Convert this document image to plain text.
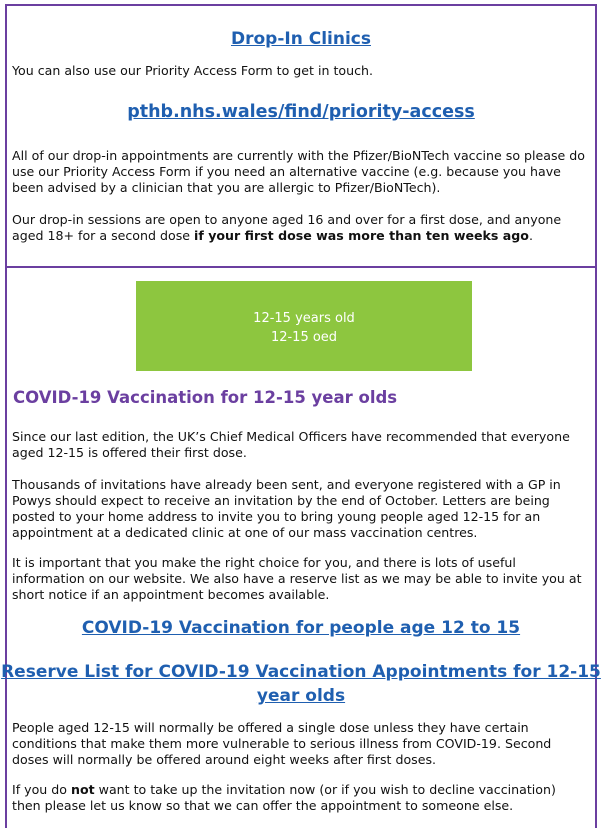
Drop-In Clinics
You can also use our Priority Access Form to get in touch.
pthb.nhs.wales/find/priority-access
All of our drop-in appointments are currently with the Pfizer/BioNTech vaccine so please do use our Priority Access Form if you need an alternative vaccine (e.g. because you have been advised by a clinician that you are allergic to Pfizer/BioNTech).
Our drop-in sessions are open to anyone aged 16 and over for a first dose, and anyone aged 18+ for a second dose if your first dose was more than ten weeks ago.
12-15 years old
12-15 oed
COVID-19 Vaccination for 12-15 year olds
Since our last edition, the UK’s Chief Medical Officers have recommended that everyone aged 12-15 is offered their first dose.
Thousands of invitations have already been sent, and everyone registered with a GP in Powys should expect to receive an invitation by the end of October. Letters are being posted to your home address to invite you to bring young people aged 12-15 for an appointment at a dedicated clinic at one of our mass vaccination centres.
It is important that you make the right choice for you, and there is lots of useful information on our website. We also have a reserve list as we may be able to invite you at short notice if an appointment becomes available.
COVID-19 Vaccination for people age 12 to 15
Reserve List for COVID-19 Vaccination Appointments for 12-15 year olds
People aged 12-15 will normally be offered a single dose unless they have certain conditions that make them more vulnerable to serious illness from COVID-19. Second doses will normally be offered around eight weeks after first doses.
If you do not want to take up the invitation now (or if you wish to decline vaccination) then please let us know so that we can offer the appointment to someone else.
